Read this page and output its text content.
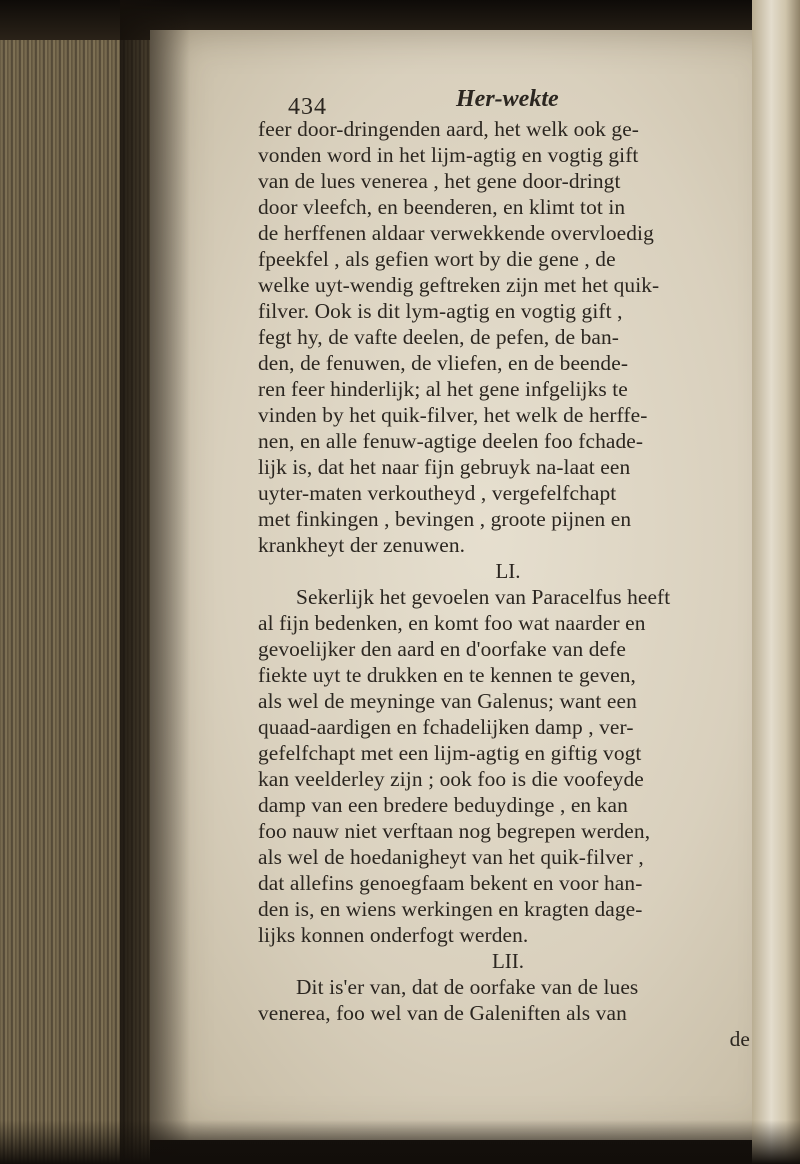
434	Her-wekte
feer door-dringenden aard, het welk ook ge-
vonden word in het lijm-agtig en vogtig gift
van de lues venerea , het gene door-dringt
door vleefch, en beenderen, en klimt tot in
de herffenen aldaar verwekkende overvloedig
fpeekfel , als gefien wort by die gene , de
welke uyt-wendig geftreken zijn met het quik-
filver. Ook is dit lym-agtig en vogtig gift ,
fegt hy, de vafte deelen, de pefen, de ban-
den, de fenuwen, de vliefen, en de beende-
ren feer hinderlijk; al het gene infgelijks te
vinden by het quik-filver, het welk de herffe-
nen, en alle fenuw-agtige deelen foo fchade-
lijk is, dat het naar fijn gebruyk na-laat een
uyter-maten verkoutheyd , vergefelfchapt
met finkingen , bevingen , groote pijnen en
krankheyt der zenuwen.
LI.
Sekerlijk het gevoelen van Paracelfus heeft
al fijn bedenken, en komt foo wat naarder en
gevoelijker den aard en d'oorfake van defe
fiekte uyt te drukken en te kennen te geven,
als wel de meyninge van Galenus; want een
quaad-aardigen en fchadelijken damp , ver-
gefelfchapt met een lijm-agtig en giftig vogt
kan veelderley zijn ; ook foo is die voofeyde
damp van een bredere beduydinge , en kan
foo nauw niet verftaan nog begrepen werden,
als wel de hoedanigheyt van het quik-filver ,
dat allefins genoegfaam bekent en voor han-
den is, en wiens werkingen en kragten dage-
lijks konnen onderfogt werden.
LII.
Dit is'er van, dat de oorfake van de lues
venerea, foo wel van de Galeniften als van
de
